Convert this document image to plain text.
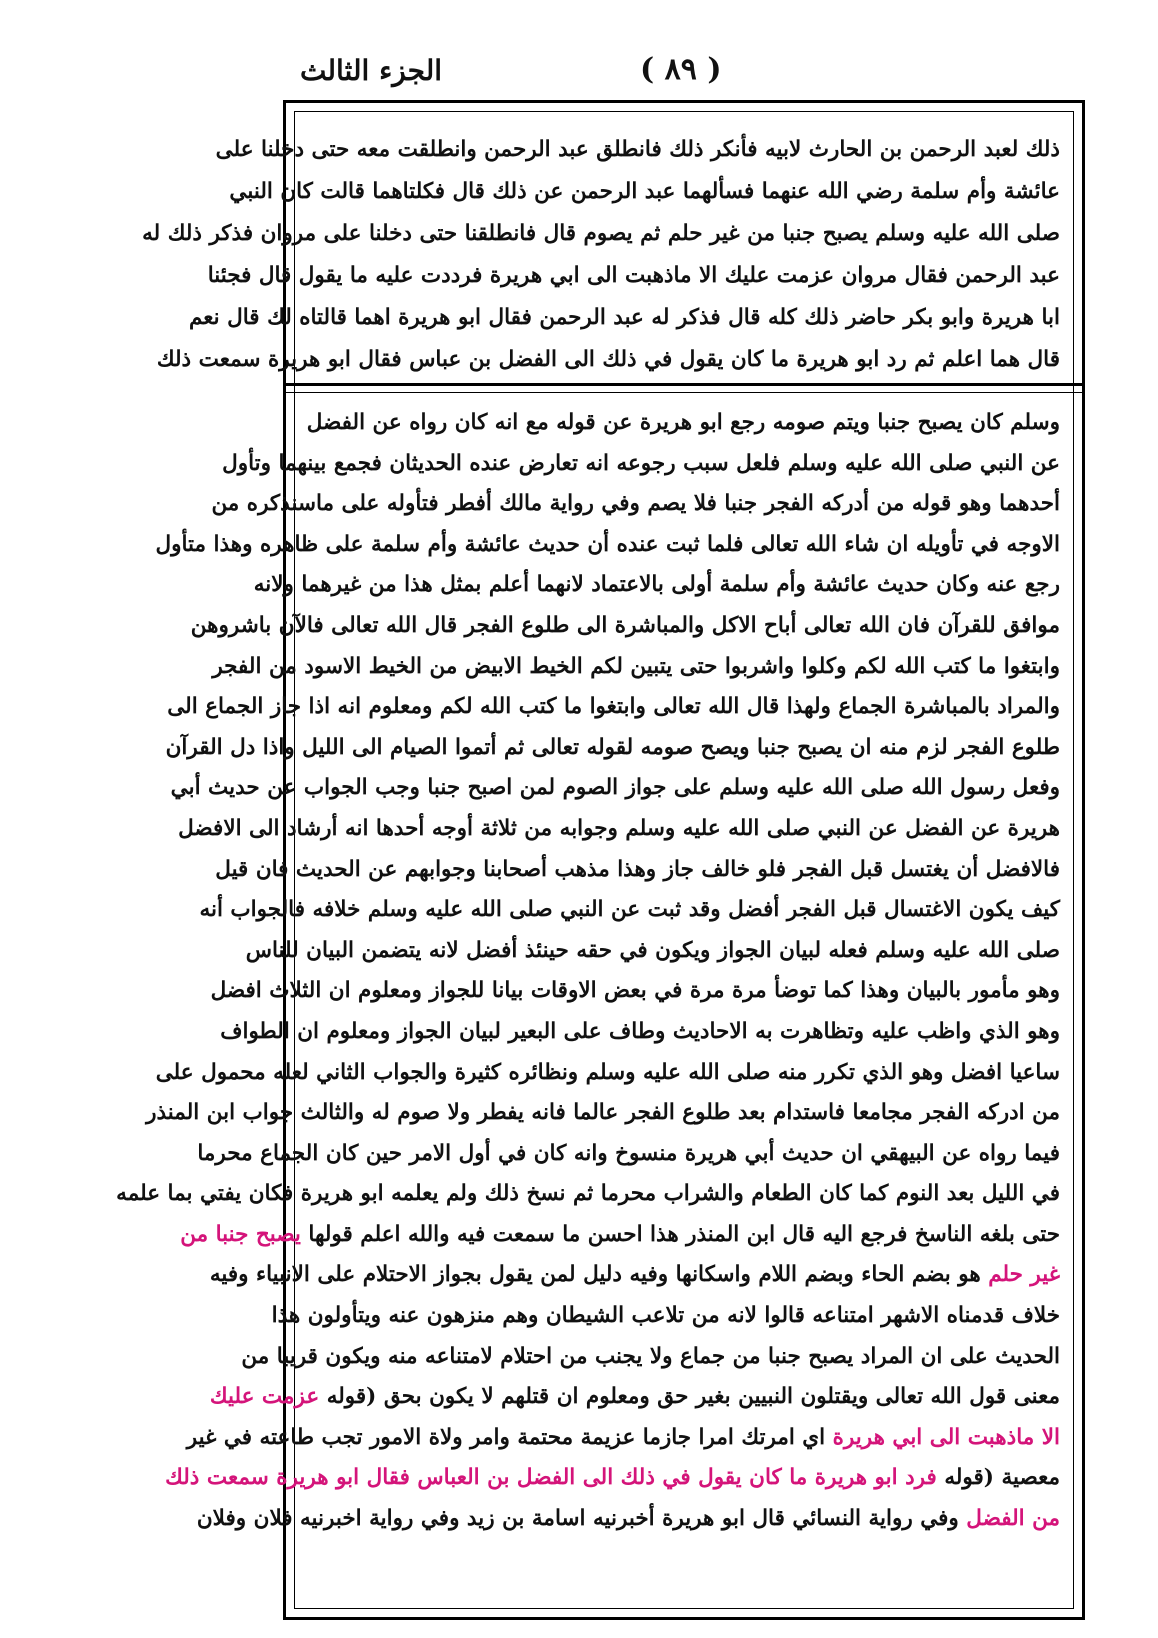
( ٨٩ )
الجزء الثالث
ذلك لعبد الرحمن بن الحارث لابيه فأنكر ذلك فانطلق عبد الرحمن وانطلقت معه حتى دخلنا على
عائشة وأم سلمة رضي الله عنهما فسألهما عبد الرحمن عن ذلك قال فكلتاهما قالت كان النبي
صلى الله عليه وسلم يصبح جنبا من غير حلم ثم يصوم قال فانطلقنا حتى دخلنا على مروان فذكر ذلك له
عبد الرحمن فقال مروان عزمت عليك الا ماذهبت الى ابي هريرة فرددت عليه ما يقول قال فجئنا
ابا هريرة وابو بكر حاضر ذلك كله قال فذكر له عبد الرحمن فقال ابو هريرة اهما قالتاه لك قال نعم
قال هما اعلم ثم رد ابو هريرة ما كان يقول في ذلك الى الفضل بن عباس فقال ابو هريرة سمعت ذلك
وسلم كان يصبح جنبا ويتم صومه رجع ابو هريرة عن قوله مع انه كان رواه عن الفضل
عن النبي صلى الله عليه وسلم فلعل سبب رجوعه انه تعارض عنده الحديثان فجمع بينهما وتأول
أحدهما وهو قوله من أدركه الفجر جنبا فلا يصم وفي رواية مالك أفطر فتأوله على ماسنذكره من
الاوجه في تأويله ان شاء الله تعالى فلما ثبت عنده أن حديث عائشة وأم سلمة على ظاهره وهذا متأول
رجع عنه وكان حديث عائشة وأم سلمة أولى بالاعتماد لانهما أعلم بمثل هذا من غيرهما ولانه
موافق للقرآن فان الله تعالى أباح الاكل والمباشرة الى طلوع الفجر قال الله تعالى فالآن باشروهن
وابتغوا ما كتب الله لكم وكلوا واشربوا حتى يتبين لكم الخيط الابيض من الخيط الاسود من الفجر
والمراد بالمباشرة الجماع ولهذا قال الله تعالى وابتغوا ما كتب الله لكم ومعلوم انه اذا جاز الجماع الى
طلوع الفجر لزم منه ان يصبح جنبا ويصح صومه لقوله تعالى ثم أتموا الصيام الى الليل واذا دل القرآن
وفعل رسول الله صلى الله عليه وسلم على جواز الصوم لمن اصبح جنبا وجب الجواب عن حديث أبي
هريرة عن الفضل عن النبي صلى الله عليه وسلم وجوابه من ثلاثة أوجه أحدها انه أرشاد الى الافضل
فالافضل أن يغتسل قبل الفجر فلو خالف جاز وهذا مذهب أصحابنا وجوابهم عن الحديث فان قيل
كيف يكون الاغتسال قبل الفجر أفضل وقد ثبت عن النبي صلى الله عليه وسلم خلافه فالجواب أنه
صلى الله عليه وسلم فعله لبيان الجواز ويكون في حقه حينئذ أفضل لانه يتضمن البيان للناس
وهو مأمور بالبيان وهذا كما توضأ مرة مرة في بعض الاوقات بيانا للجواز ومعلوم ان الثلاث افضل
وهو الذي واظب عليه وتظاهرت به الاحاديث وطاف على البعير لبيان الجواز ومعلوم ان الطواف
ساعيا افضل وهو الذي تكرر منه صلى الله عليه وسلم ونظائره كثيرة والجواب الثاني لعله محمول على
من ادركه الفجر مجامعا فاستدام بعد طلوع الفجر عالما فانه يفطر ولا صوم له والثالث جواب ابن المنذر
فيما رواه عن البيهقي ان حديث أبي هريرة منسوخ وانه كان في أول الامر حين كان الجماع محرما
في الليل بعد النوم كما كان الطعام والشراب محرما ثم نسخ ذلك ولم يعلمه ابو هريرة فكان يفتي بما علمه
حتى بلغه الناسخ فرجع اليه قال ابن المنذر هذا احسن ما سمعت فيه والله اعلم قولها يصبح جنبا من
غير حلم هو بضم الحاء وبضم اللام واسكانها وفيه دليل لمن يقول بجواز الاحتلام على الانبياء وفيه
خلاف قدمناه الاشهر امتناعه قالوا لانه من تلاعب الشيطان وهم منزهون عنه ويتأولون هذا
الحديث على ان المراد يصبح جنبا من جماع ولا يجنب من احتلام لامتناعه منه ويكون قريبا من
معنى قول الله تعالى ويقتلون النبيين بغير حق ومعلوم ان قتلهم لا يكون بحق (قوله عزمت عليك
الا ماذهبت الى ابي هريرة اي امرتك امرا جازما عزيمة محتمة وامر ولاة الامور تجب طاعته في غير
معصية (قوله فرد ابو هريرة ما كان يقول في ذلك الى الفضل بن العباس فقال ابو هريرة سمعت ذلك
من الفضل وفي رواية النسائي قال ابو هريرة أخبرنيه اسامة بن زيد وفي رواية اخبرنيه فلان وفلان
